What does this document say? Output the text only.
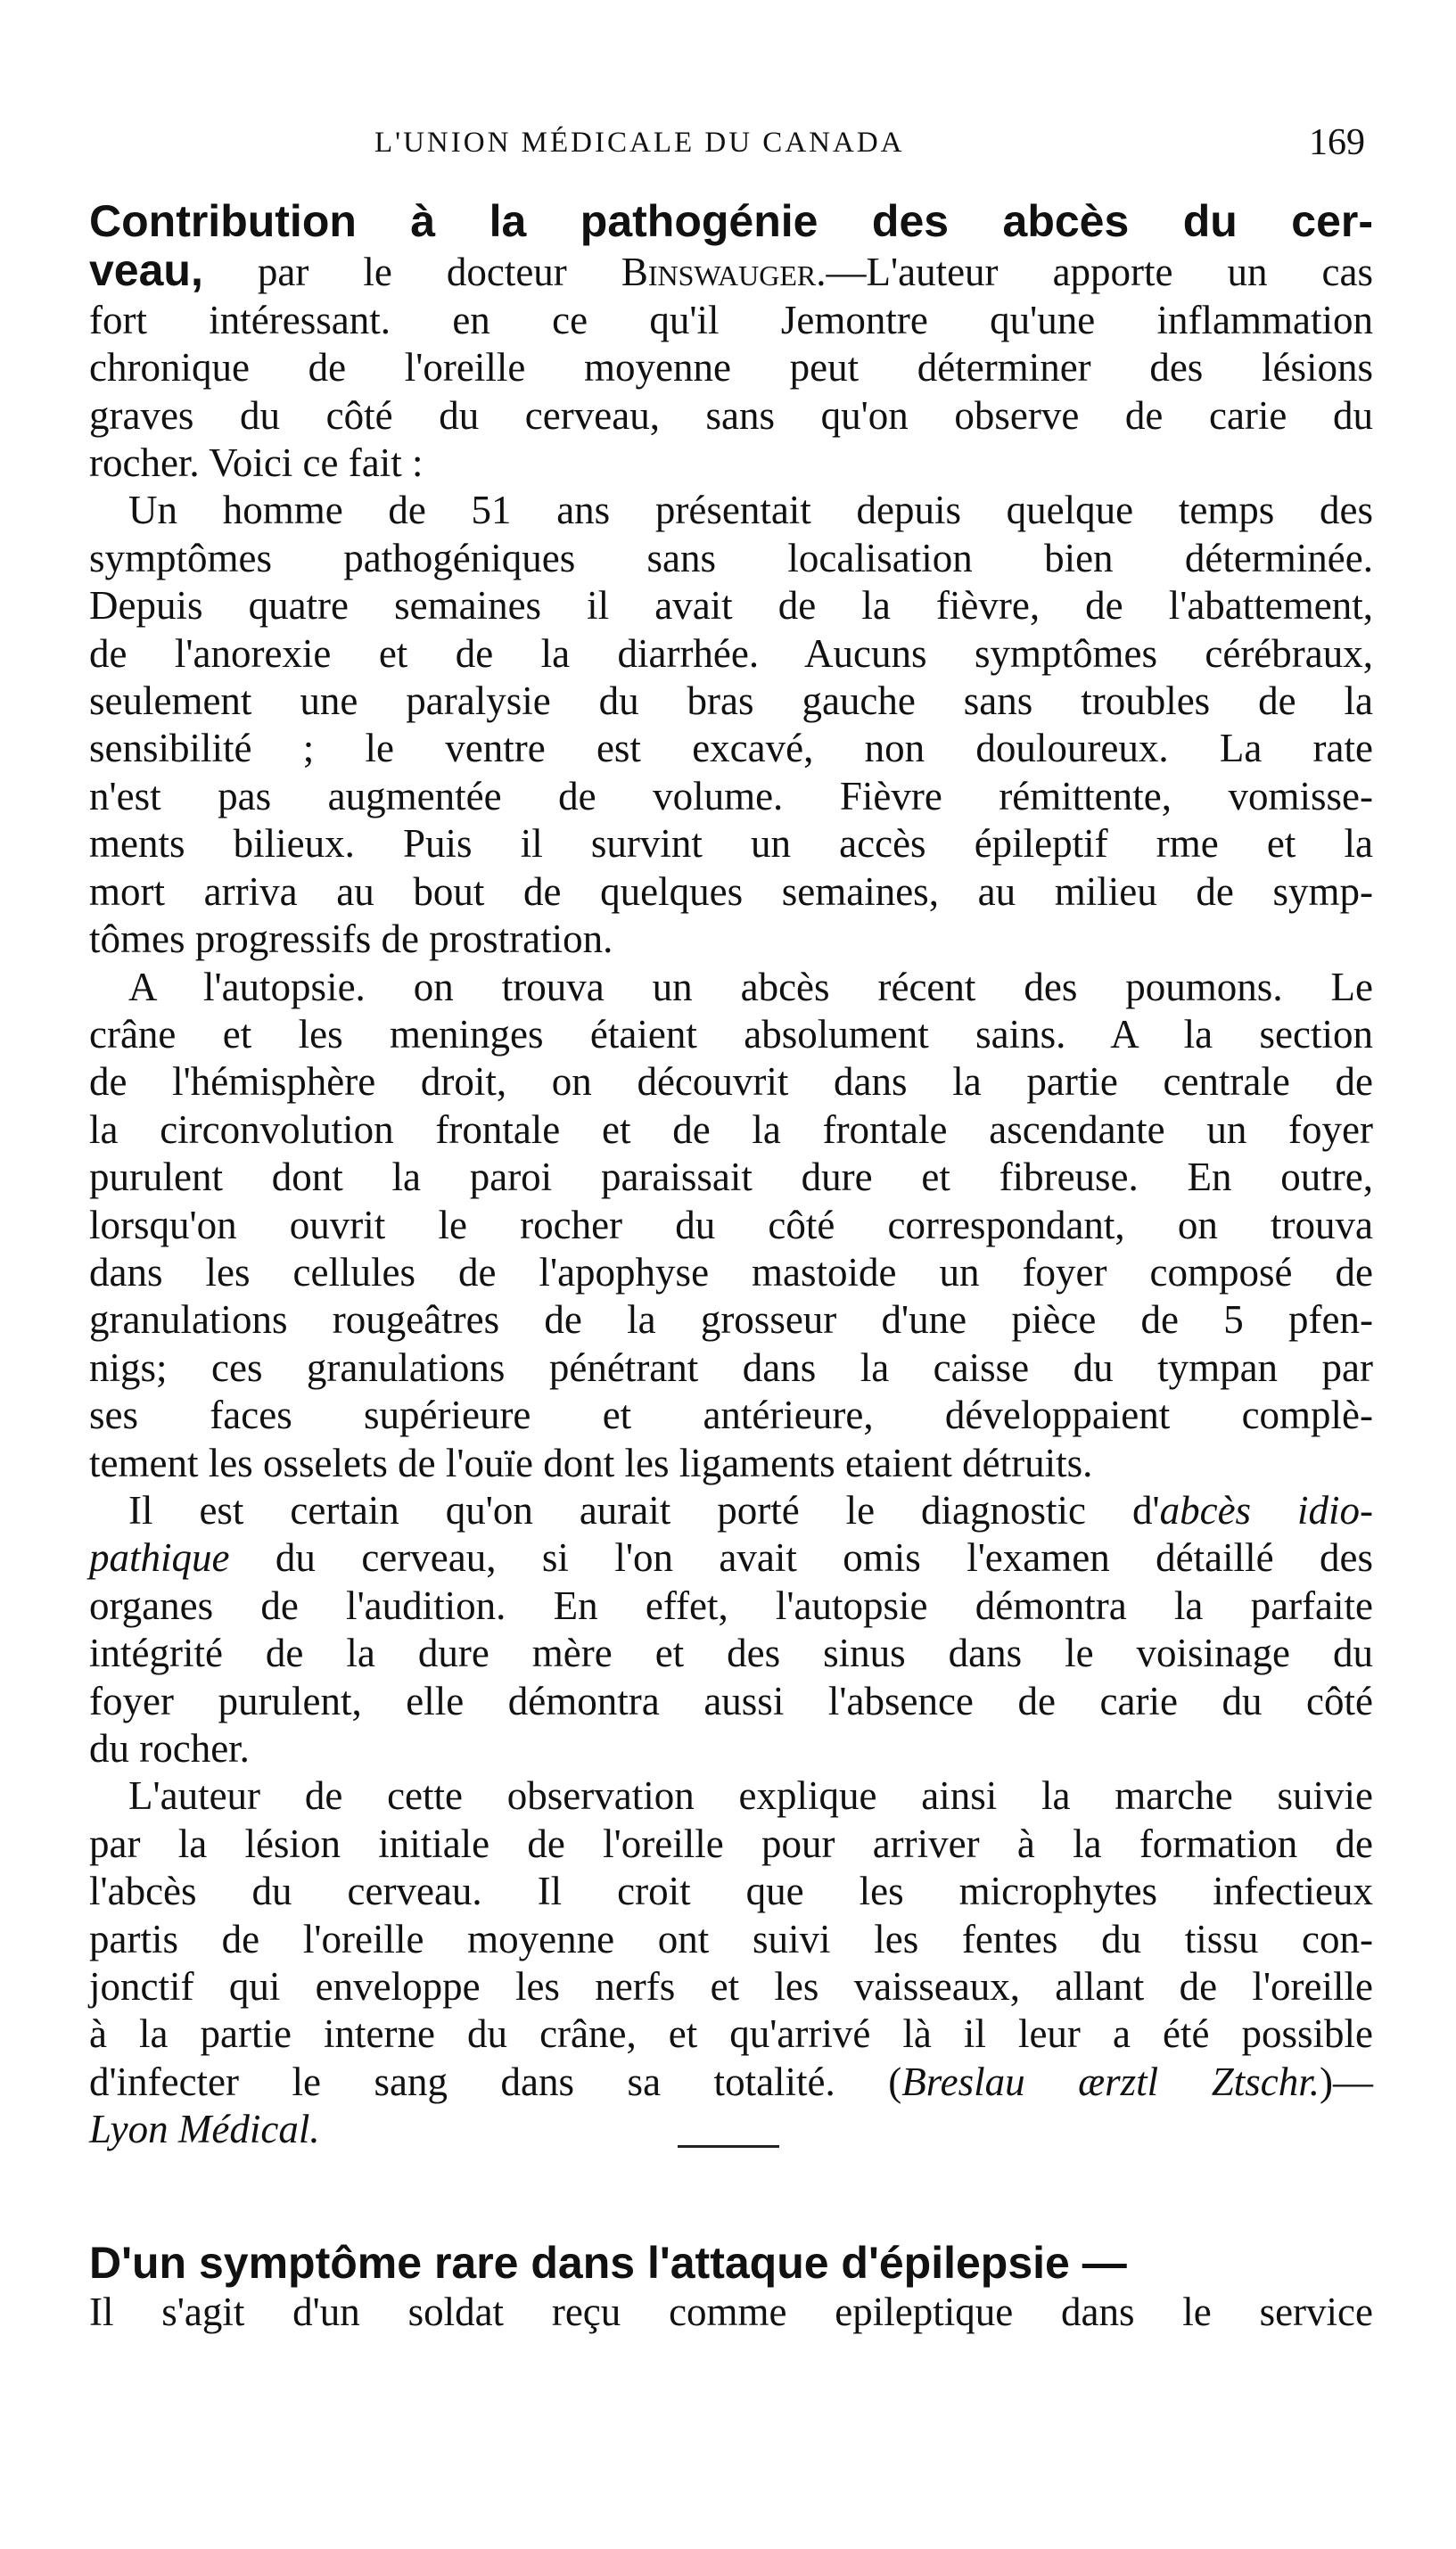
L'UNION MÉDICALE DU CANADA	169
Contribution à la pathogénie des abcès du cer-
veau, par le docteur Binswauger.—L'auteur apporte un cas
fort intéressant. en ce qu'il Jemontre qu'une inflammation
chronique de l'oreille moyenne peut déterminer des lésions
graves du côté du cerveau, sans qu'on observe de carie du
rocher. Voici ce fait :
Un homme de 51 ans présentait depuis quelque temps des
symptômes pathogéniques sans localisation bien déterminée.
Depuis quatre semaines il avait de la fièvre, de l'abattement,
de l'anorexie et de la diarrhée. Aucuns symptômes cérébraux,
seulement une paralysie du bras gauche sans troubles de la
sensibilité ; le ventre est excavé, non douloureux. La rate
n'est pas augmentée de volume. Fièvre rémittente, vomisse-
ments bilieux. Puis il survint un accès épileptif rme et la
mort arriva au bout de quelques semaines, au milieu de symp-
tômes progressifs de prostration.
A l'autopsie. on trouva un abcès récent des poumons. Le
crâne et les meninges étaient absolument sains. A la section
de l'hémisphère droit, on découvrit dans la partie centrale de
la circonvolution frontale et de la frontale ascendante un foyer
purulent dont la paroi paraissait dure et fibreuse. En outre,
lorsqu'on ouvrit le rocher du côté correspondant, on trouva
dans les cellules de l'apophyse mastoide un foyer composé de
granulations rougeâtres de la grosseur d'une pièce de 5 pfen-
nigs; ces granulations pénétrant dans la caisse du tympan par
ses faces supérieure et antérieure, développaient complè-
tement les osselets de l'ouïe dont les ligaments etaient détruits.
Il est certain qu'on aurait porté le diagnostic d'abcès idio-
pathique du cerveau, si l'on avait omis l'examen détaillé des
organes de l'audition. En effet, l'autopsie démontra la parfaite
intégrité de la dure mère et des sinus dans le voisinage du
foyer purulent, elle démontra aussi l'absence de carie du côté
du rocher.
L'auteur de cette observation explique ainsi la marche suivie
par la lésion initiale de l'oreille pour arriver à la formation de
l'abcès du cerveau. Il croit que les microphytes infectieux
partis de l'oreille moyenne ont suivi les fentes du tissu con-
jonctif qui enveloppe les nerfs et les vaisseaux, allant de l'oreille
à la partie interne du crâne, et qu'arrivé là il leur a été possible
d'infecter le sang dans sa totalité. (Breslau ærztl Ztschr.)—
Lyon Médical.
D'un symptôme rare dans l'attaque d'épilepsie —
Il s'agit d'un soldat reçu comme epileptique dans le service
